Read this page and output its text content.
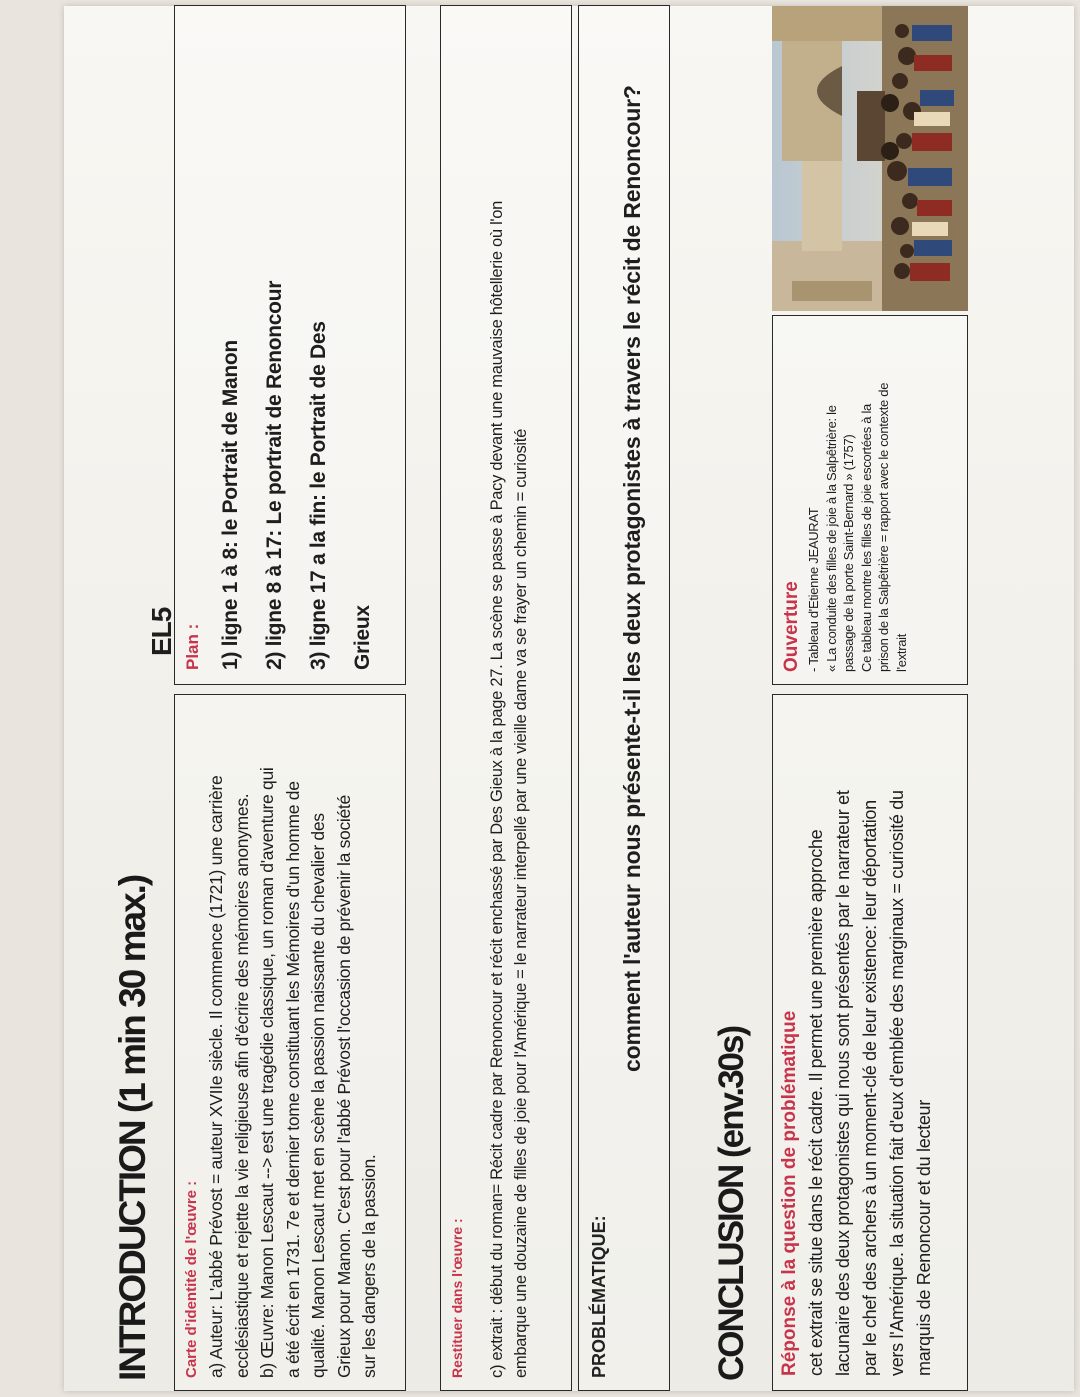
INTRODUCTION (1 min 30 max.)
EL5
Carte d'identité de l'œuvre : a) Auteur: L'abbé Prévost = auteur XVIIe siècle. Il commence (1721) une carrière ecclésiastique et rejette la vie religieuse afin d'écrire des mémoires anonymes. b) Œuvre: Manon Lescaut --> est une tragédie classique, un roman d'aventure qui a été écrit en 1731. 7e et dernier tome constituant les Mémoires d'un homme de qualité. Manon Lescaut met en scène la passion naissante du chevalier des Grieux pour Manon. C'est pour l'abbé Prévost l'occasion de prévenir la société sur les dangers de la passion.
Plan : 1) ligne 1 à 8: le Portrait de Manon	2) ligne 8 à 17: Le portrait de Renoncour	3) ligne 17 a la fin: le Portrait de Des	Grieux
Restituer dans l'œuvre : c) extrait : début du roman= Récit cadre par Renoncour et récit enchassé par Des Gieux à la page 27. La scène se passe à Pacy devant une mauvaise hôtellerie où l'on embarque une douzaine de filles de joie pour l'Amérique = le narrateur interpellé par une vieille dame va se frayer un chemin = curiosité	PROBLÉMATIQUE:
comment l'auteur nous présente-t-il les deux protagonistes à travers le récit de Renoncour?
CONCLUSION (env.30s) Réponse à la question de problématique cet extrait se situe dans le récit cadre. Il permet une première approche lacunaire des deux protagonistes qui nous sont présentés par le narrateur et par le chef des archers à un moment-clé de leur existence: leur déportation vers l'Amérique. la situation fait d'eux d'emblée des marginaux = curiosité du marquis de Renoncour et du lecteur
Ouverture - Tableau d'Etienne JEAURAT « La conduite des filles de joie à la Salpêtrière: le passage de la porte Saint-Bernard » (1757) Ce tableau montre les filles de joie escortées à la prison de la Salpêtrière = rapport avec le contexte de l'extrait
